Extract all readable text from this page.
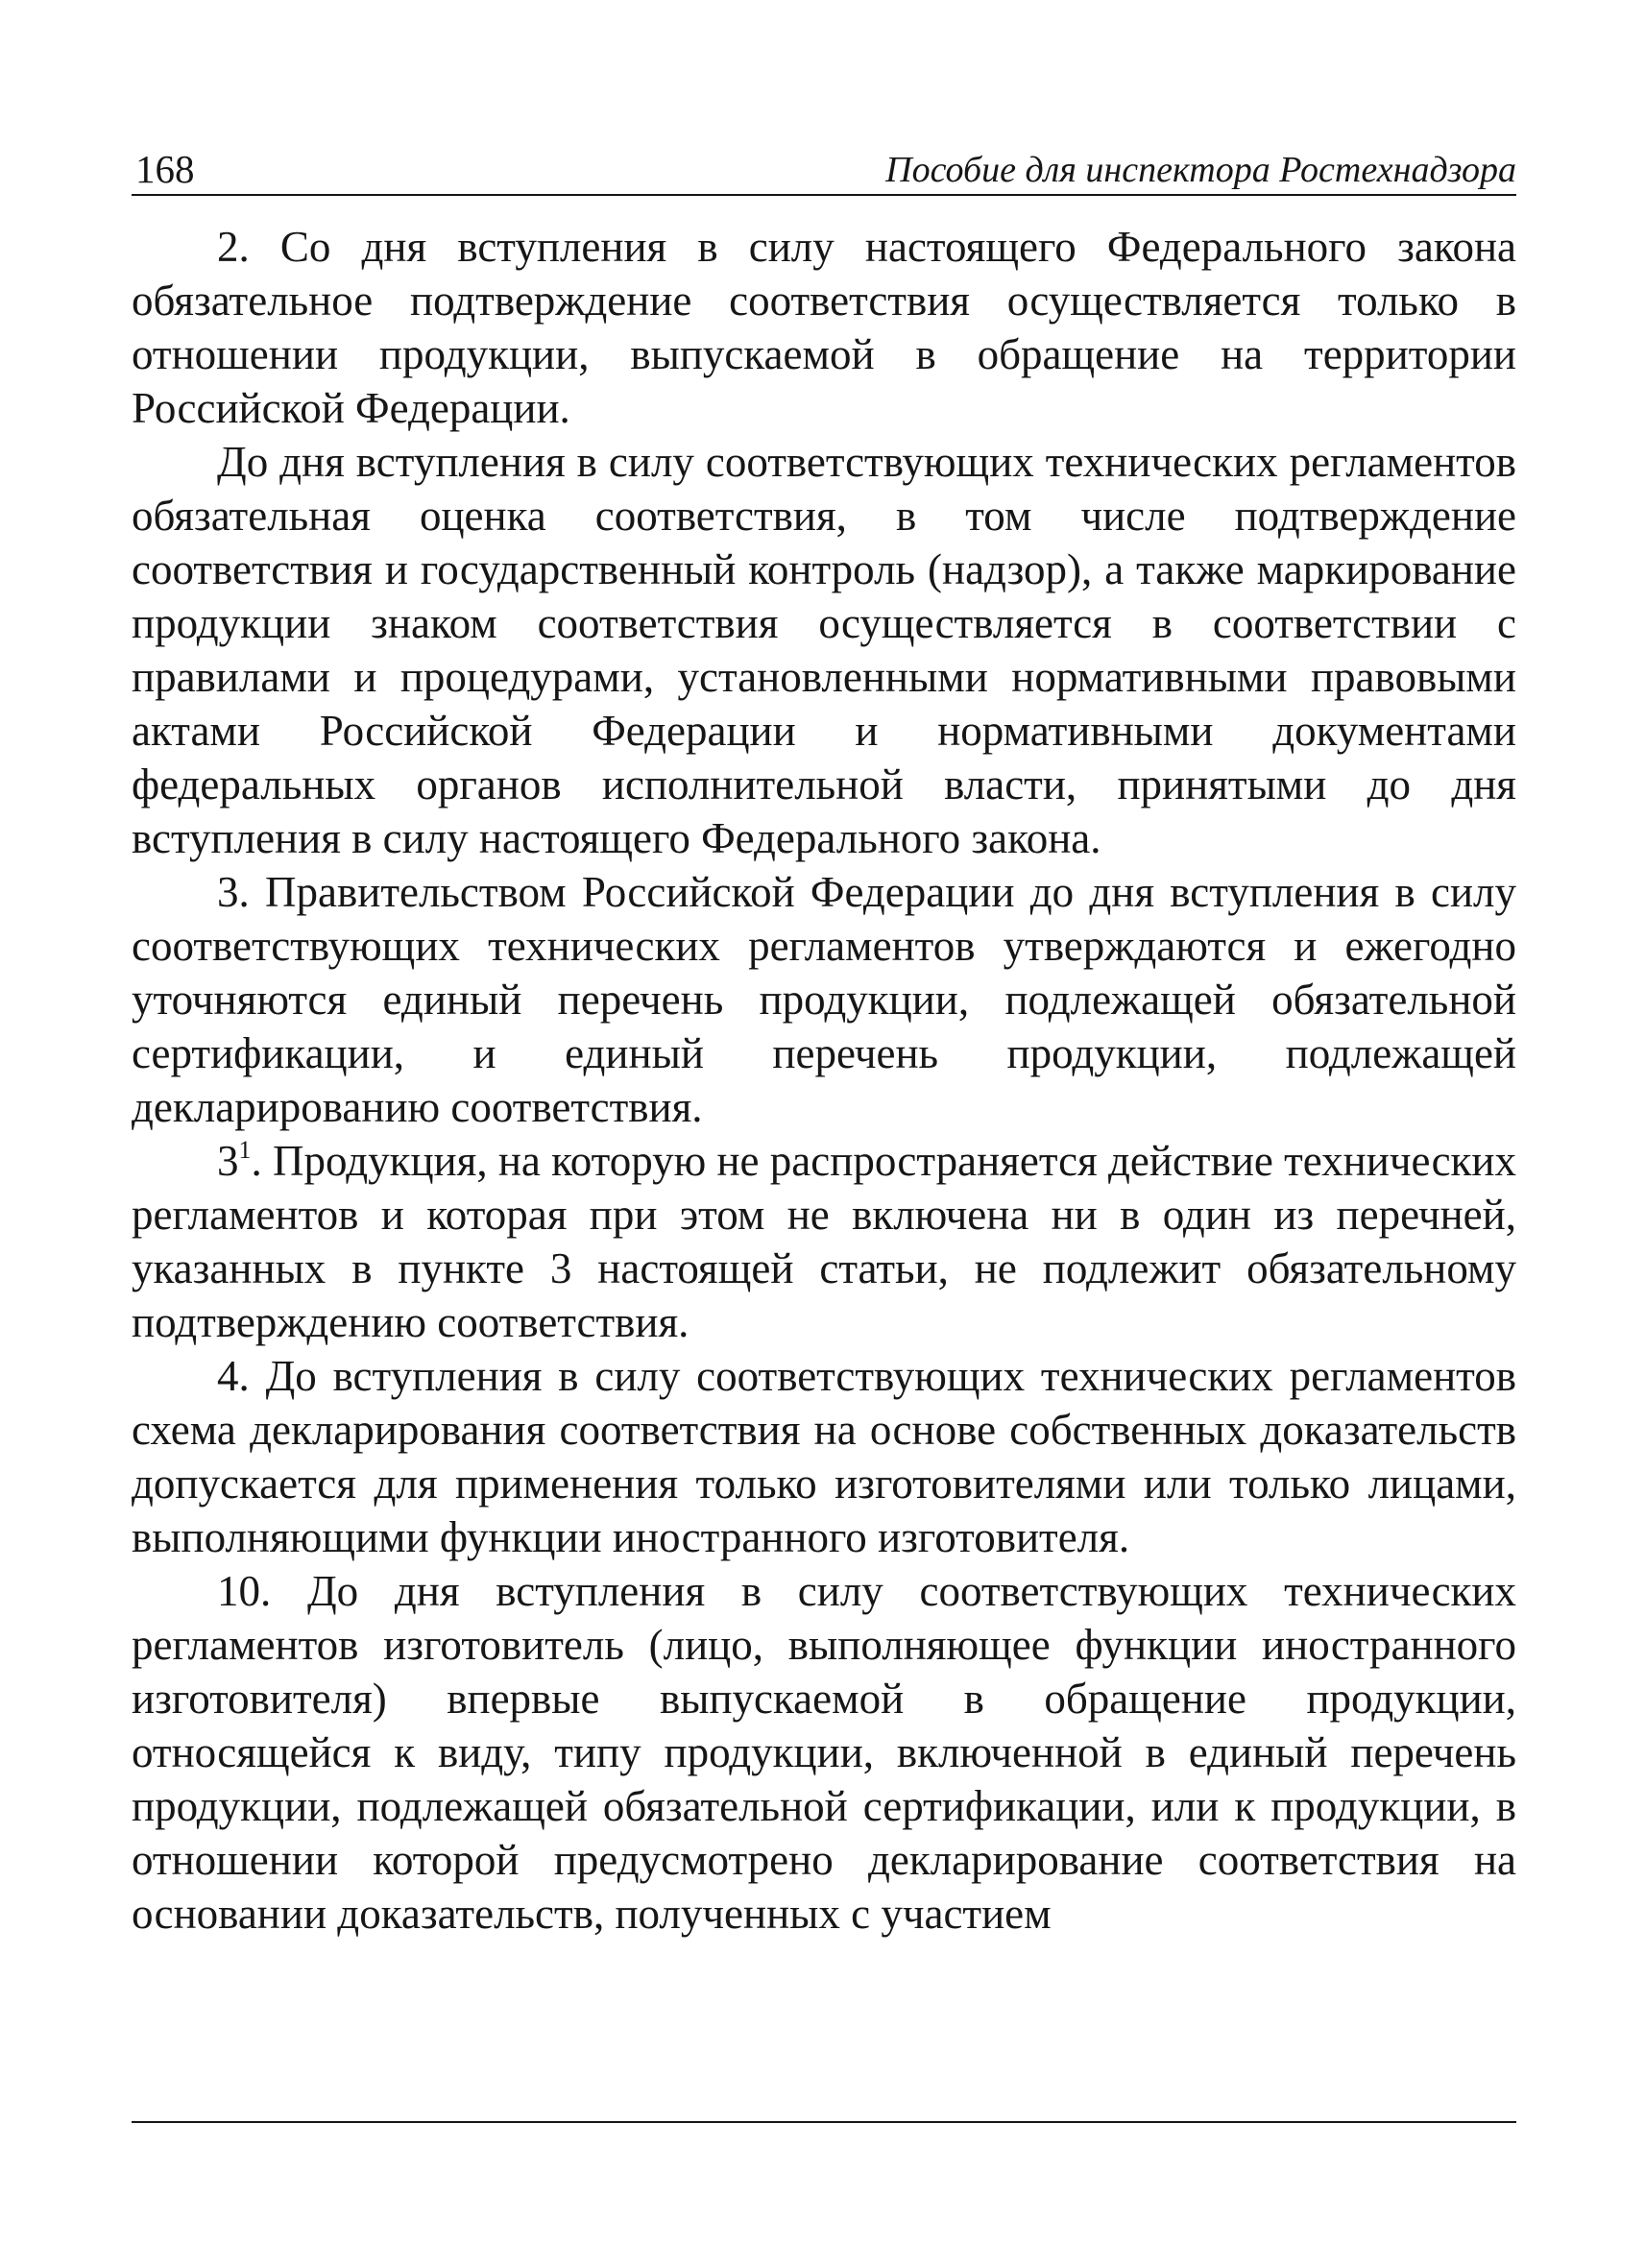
168	Пособие для инспектора Ростехнадзора

2. Со дня вступления в силу настоящего Федерального закона обязательное подтверждение соответствия осуществляется только в отношении продукции, выпускаемой в обращение на территории Российской Федерации.

До дня вступления в силу соответствующих технических регламентов обязательная оценка соответствия, в том числе подтверждение соответствия и государственный контроль (надзор), а также маркирование продукции знаком соответствия осуществляется в соответствии с правилами и процедурами, установленными нормативными правовыми актами Российской Федерации и нормативными документами федеральных органов исполнительной власти, принятыми до дня вступления в силу настоящего Федерального закона.

3. Правительством Российской Федерации до дня вступления в силу соответствующих технических регламентов утверждаются и ежегодно уточняются единый перечень продукции, подлежащей обязательной сертификации, и единый перечень продукции, подлежащей декларированию соответствия.

$3^1$. Продукция, на которую не распространяется действие технических регламентов и которая при этом не включена ни в один из перечней, указанных в пункте 3 настоящей статьи, не подлежит обязательному подтверждению соответствия.

4. До вступления в силу соответствующих технических регламентов схема декларирования соответствия на основе собственных доказательств допускается для применения только изготовителями или только лицами, выполняющими функции иностранного изготовителя.

10. До дня вступления в силу соответствующих технических регламентов изготовитель (лицо, выполняющее функции иностранного изготовителя) впервые выпускаемой в обращение продукции, относящейся к виду, типу продукции, включенной в единый перечень продукции, подлежащей обязательной сертификации, или к продукции, в отношении которой предусмотрено декларирование соответствия на основании доказательств, полученных с участием
